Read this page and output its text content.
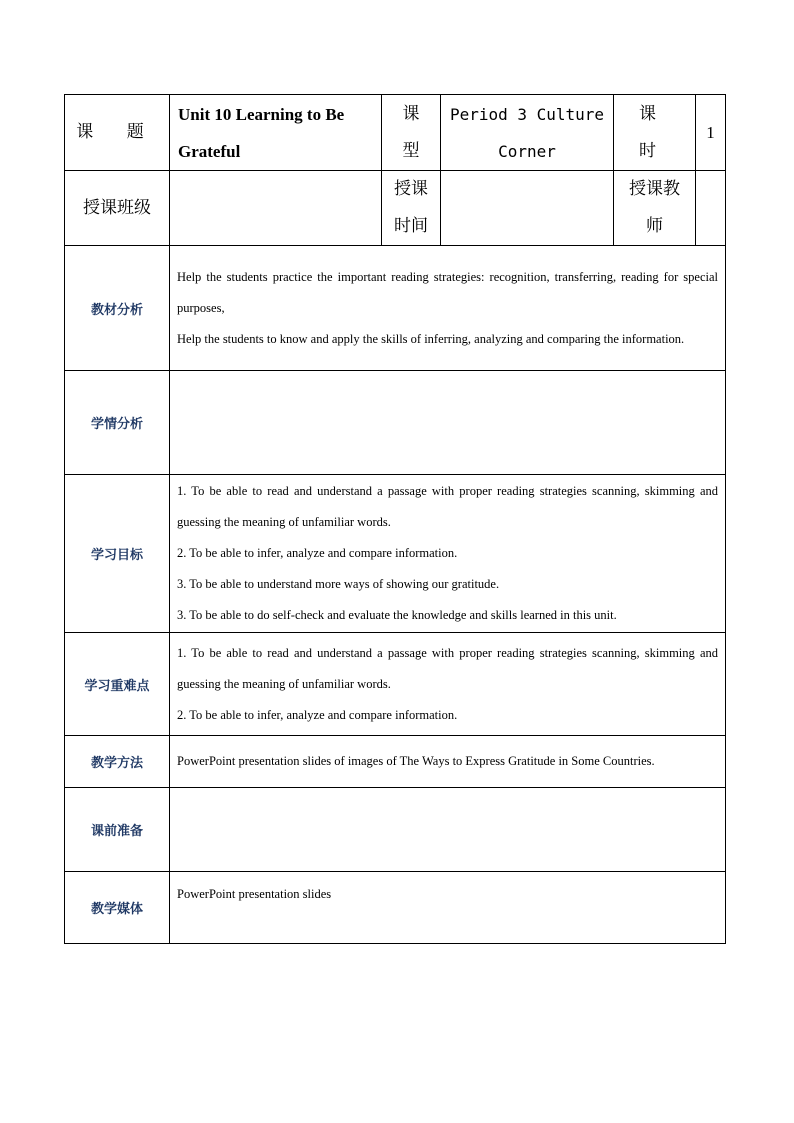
课 题	Unit 10 Learning to Be Grateful	课型	Period 3 Culture Corner	课 时	1
授课班级		授课时间		授课教师	
教材分析	Help the students practice the important reading strategies: recognition, transferring, reading for special purposes,

Help the students to know and apply the skills of inferring, analyzing and comparing the information.				

学情分析					
学习目标	1. To be able to read and understand a passage with proper reading strategies scanning, skimming and guessing the meaning of unfamiliar words.

2. To be able to infer, analyze and compare information.

3. To be able to understand more ways of showing our gratitude.

3. To be able to do self-check and evaluate the knowledge and skills learned in this unit.				

学习重难点	1. To be able to read and understand a passage with proper reading strategies scanning, skimming and guessing the meaning of unfamiliar words.

2. To be able to infer, analyze and compare information.				

教学方法	PowerPoint presentation slides of images of The Ways to Express Gratitude in Some Countries.				
课前准备					
教学媒体	PowerPoint presentation slides				
